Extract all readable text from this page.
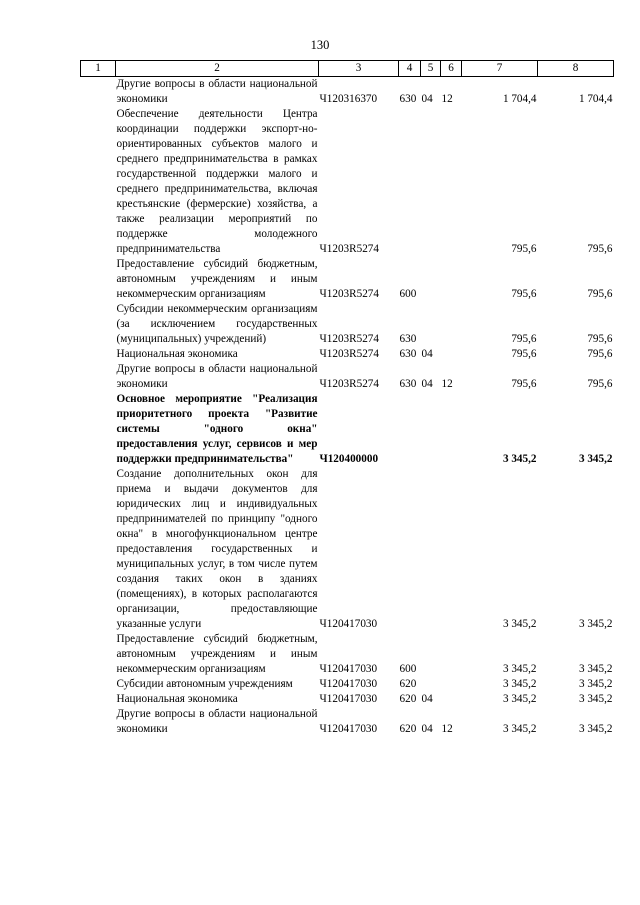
130
1	2	3	4	5	6	7	8
	Другие вопросы в области национальной экономики	Ч120316370	630	04	12	1 704,4	1 704,4
	Обеспечение деятельности Центра координации поддержки экспорт-но-ориентированных субъектов малого и среднего предпринимательства в рамках государственной поддержки малого и среднего предпринимательства, включая крестьянские (фермерские) хозяйства, а также реализации мероприятий по поддержке молодежного предпринимательства	Ч1203R5274				795,6	795,6
	Предоставление субсидий бюджетным, автономным учреждениям и иным некоммерческим организациям	Ч1203R5274	600			795,6	795,6
	Субсидии некоммерческим организациям (за исключением государственных (муниципальных) учреждений)	Ч1203R5274	630			795,6	795,6
	Национальная экономика	Ч1203R5274	630	04		795,6	795,6
	Другие вопросы в области национальной экономики	Ч1203R5274	630	04	12	795,6	795,6
	Основное мероприятие "Реализация приоритетного проекта "Развитие системы "одного окна" предоставления услуг, сервисов и мер поддержки предпринимательства"	Ч120400000				3 345,2	3 345,2
	Создание дополнительных окон для приема и выдачи документов для юридических лиц и индивидуальных предпринимателей по принципу "одного окна" в многофункциональном центре предоставления государственных и муниципальных услуг, в том числе путем создания таких окон в зданиях (помещениях), в которых располагаются организации, предоставляющие указанные услуги	Ч120417030				3 345,2	3 345,2
	Предоставление субсидий бюджетным, автономным учреждениям и иным некоммерческим организациям	Ч120417030	600			3 345,2	3 345,2
	Субсидии автономным учреждениям	Ч120417030	620			3 345,2	3 345,2
	Национальная экономика	Ч120417030	620	04		3 345,2	3 345,2
	Другие вопросы в области национальной экономики	Ч120417030	620	04	12	3 345,2	3 345,2
